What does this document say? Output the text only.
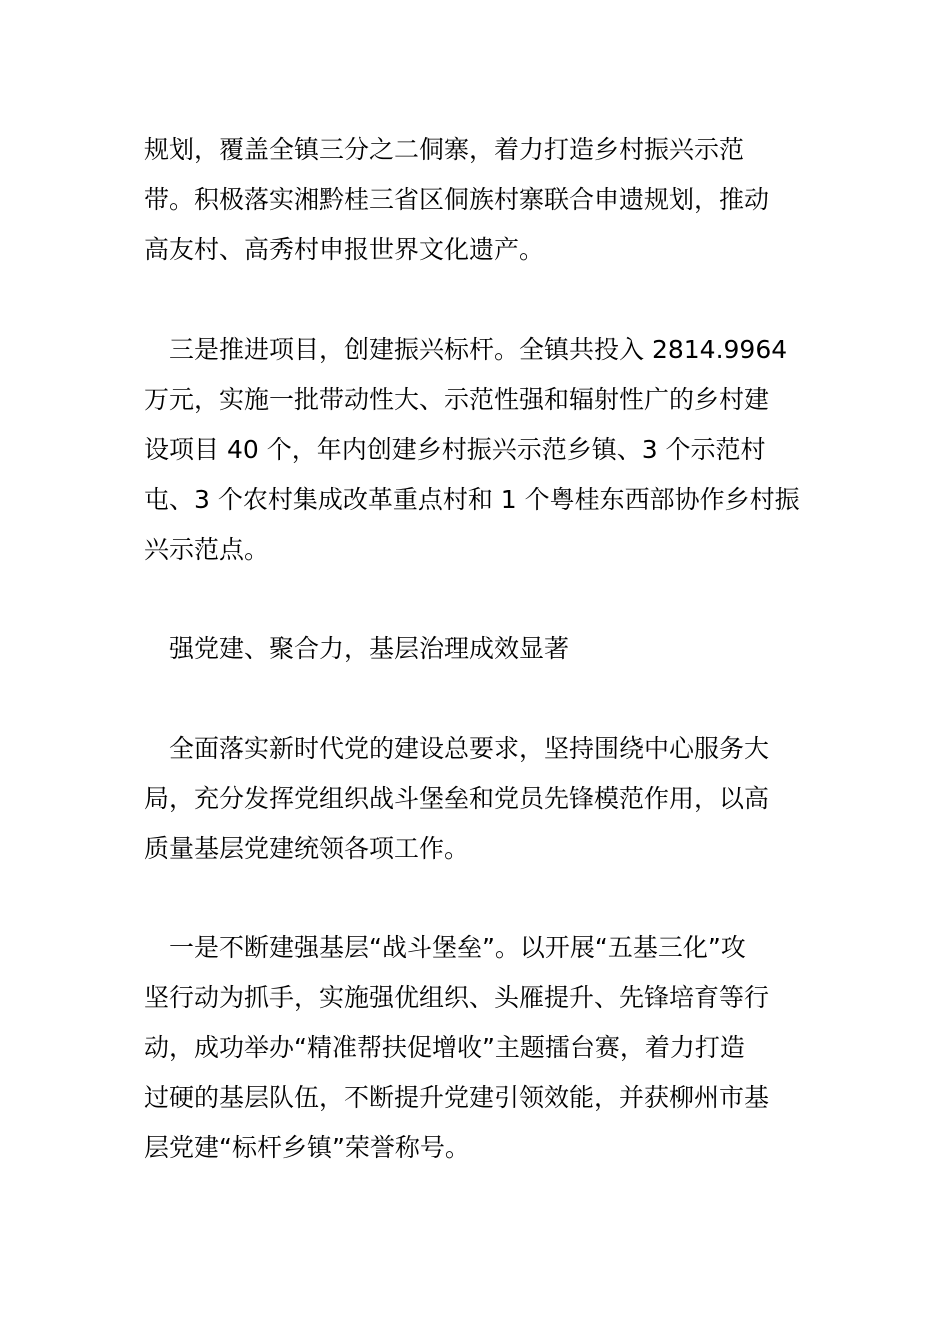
规划，覆盖全镇三分之二侗寨，着力打造乡村振兴示范
带。积极落实湘黔桂三省区侗族村寨联合申遗规划，推动
高友村、高秀村申报世界文化遗产。
三是推进项目，创建振兴标杆。全镇共投入 2814.9964
万元，实施一批带动性大、示范性强和辐射性广的乡村建
设项目 40 个，年内创建乡村振兴示范乡镇、3 个示范村
屯、3 个农村集成改革重点村和 1 个粤桂东西部协作乡村振
兴示范点。
强党建、聚合力，基层治理成效显著
全面落实新时代党的建设总要求，坚持围绕中心服务大
局，充分发挥党组织战斗堡垒和党员先锋模范作用，以高
质量基层党建统领各项工作。
一是不断建强基层“战斗堡垒”。以开展“五基三化”攻
坚行动为抓手，实施强优组织、头雁提升、先锋培育等行
动，成功举办“精准帮扶促增收”主题擂台赛，着力打造
过硬的基层队伍，不断提升党建引领效能，并获柳州市基
层党建“标杆乡镇”荣誉称号。
